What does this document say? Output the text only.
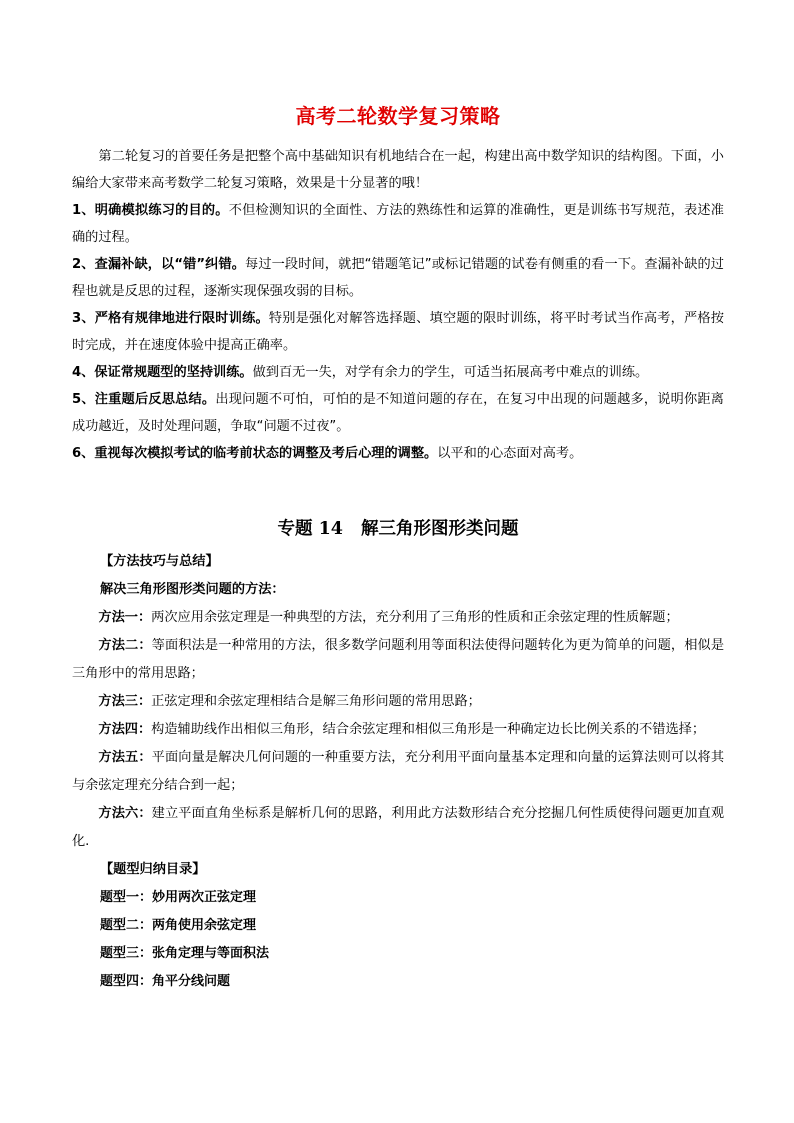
高考二轮数学复习策略

第二轮复习的首要任务是把整个高中基础知识有机地结合在一起，构建出高中数学知识的结构图。下面，小编给大家带来高考数学二轮复习策略，效果是十分显著的哦！

1、明确模拟练习的目的。不但检测知识的全面性、方法的熟练性和运算的准确性，更是训练书写规范，表述准确的过程。

2、查漏补缺，以“错”纠错。每过一段时间，就把“错题笔记”或标记错题的试卷有侧重的看一下。查漏补缺的过程也就是反思的过程，逐渐实现保强攻弱的目标。

3、严格有规律地进行限时训练。特别是强化对解答选择题、填空题的限时训练，将平时考试当作高考，严格按时完成，并在速度体验中提高正确率。

4、保证常规题型的坚持训练。做到百无一失，对学有余力的学生，可适当拓展高考中难点的训练。

5、注重题后反思总结。出现问题不可怕，可怕的是不知道问题的存在，在复习中出现的问题越多，说明你距离成功越近，及时处理问题，争取“问题不过夜”。

6、重视每次模拟考试的临考前状态的调整及考后心理的调整。以平和的心态面对高考。

专题 14 解三角形图形类问题
【方法技巧与总结】
解决三角形图形类问题的方法：
方法一：两次应用余弦定理是一种典型的方法，充分利用了三角形的性质和正余弦定理的性质解题；
方法二：等面积法是一种常用的方法，很多数学问题利用等面积法使得问题转化为更为简单的问题，相似是三角形中的常用思路；
方法三：正弦定理和余弦定理相结合是解三角形问题的常用思路；
方法四：构造辅助线作出相似三角形，结合余弦定理和相似三角形是一种确定边长比例关系的不错选择；
方法五：平面向量是解决几何问题的一种重要方法，充分利用平面向量基本定理和向量的运算法则可以将其与余弦定理充分结合到一起；
方法六：建立平面直角坐标系是解析几何的思路，利用此方法数形结合充分挖掘几何性质使得问题更加直观化.
【题型归纳目录】
题型一：妙用两次正弦定理
题型二：两角使用余弦定理
题型三：张角定理与等面积法
题型四：角平分线问题
